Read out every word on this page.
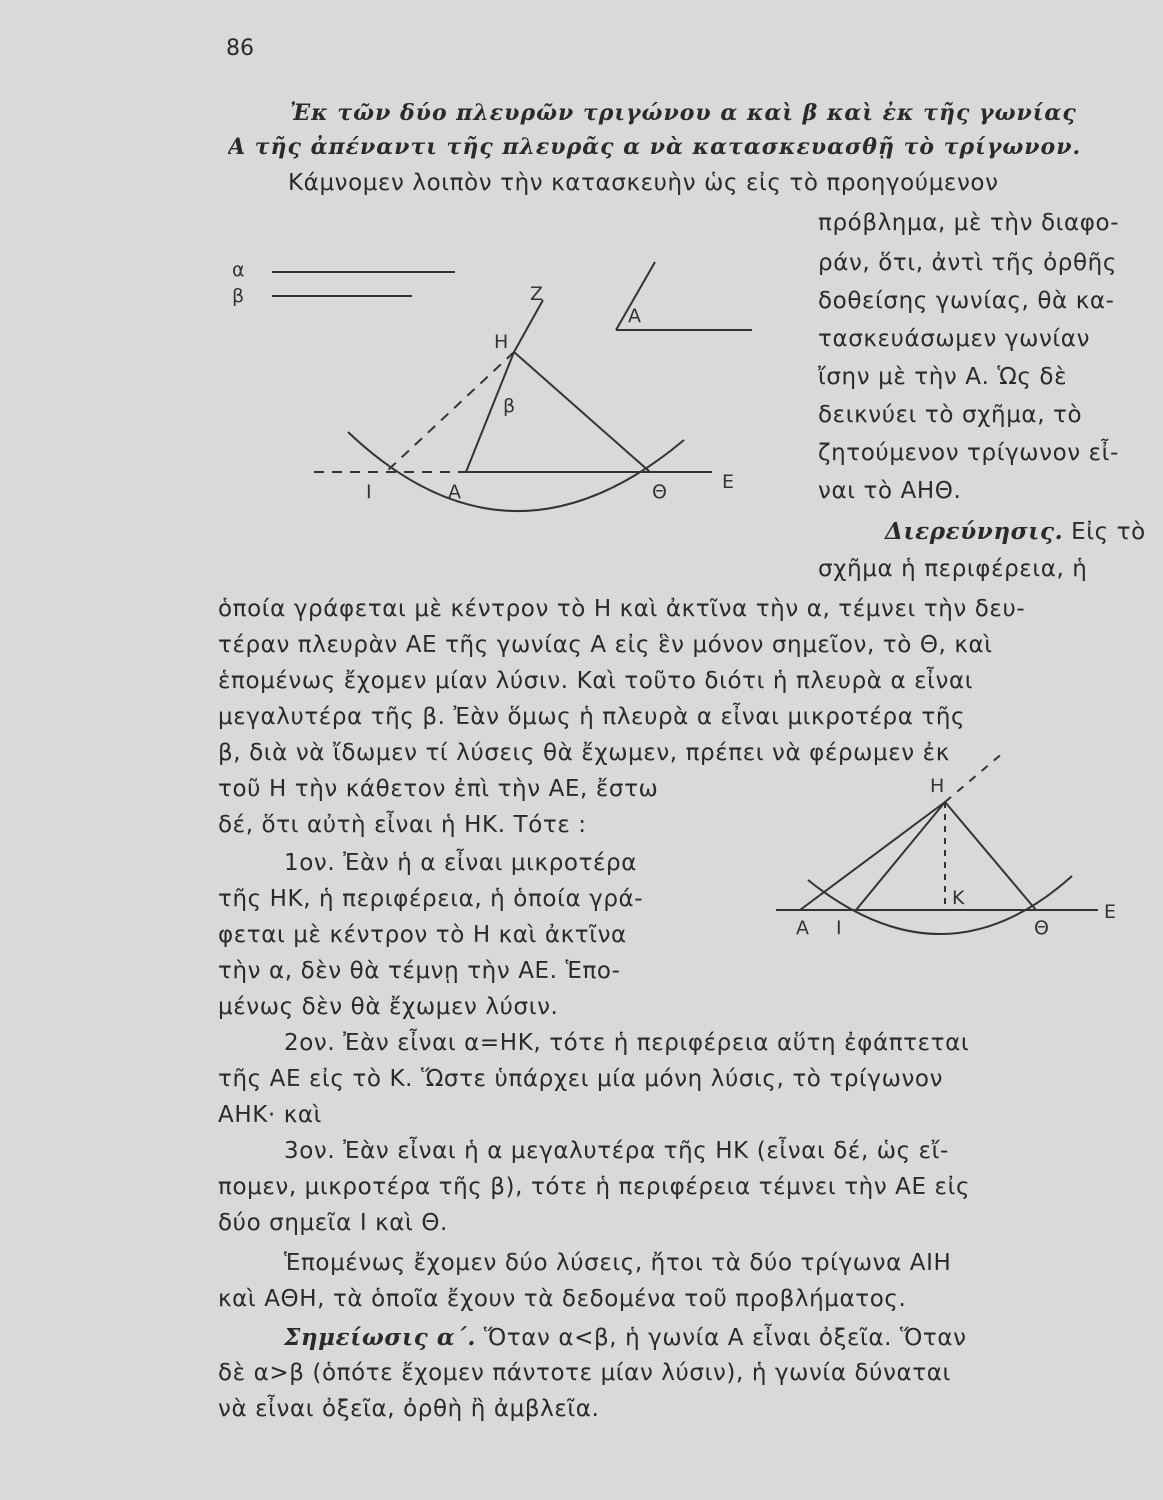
86
Ἐκ τῶν δύο πλευρῶν τριγώνου α καὶ β καὶ ἐκ τῆς γωνίας
Α τῆς ἀπέναντι τῆς πλευρᾶς α νὰ κατασκευασθῇ τὸ τρίγωνον.
Κάμνομεν λοιπὸν τὴν κατασκευὴν ὡς εἰς τὸ προηγούμενον
πρόβλημα, μὲ τὴν διαφο-
ράν, ὅτι, ἀντὶ τῆς ὀρθῆς
δοθείσης γωνίας, θὰ κα-
τασκευάσωμεν γωνίαν
ἴσην μὲ τὴν Α. Ὡς δὲ
δεικνύει τὸ σχῆμα, τὸ
ζητούμενον τρίγωνον εἶ-
ναι τὸ ΑΗΘ.
Διερεύνησις. Εἰς τὸ
σχῆμα ἡ περιφέρεια, ἡ
ὁποία γράφεται μὲ κέντρον τὸ Η καὶ ἀκτῖνα τὴν α, τέμνει τὴν δευ-
τέραν πλευρὰν ΑΕ τῆς γωνίας Α εἰς ἓν μόνον σημεῖον, τὸ Θ, καὶ
ἑπομένως ἔχομεν μίαν λύσιν. Καὶ τοῦτο διότι ἡ πλευρὰ α εἶναι
μεγαλυτέρα τῆς β. Ἐὰν ὅμως ἡ πλευρὰ α εἶναι μικροτέρα τῆς
β, διὰ νὰ ἴδωμεν τί λύσεις θὰ ἔχωμεν, πρέπει νὰ φέρωμεν ἐκ
τοῦ Η τὴν κάθετον ἐπὶ τὴν ΑΕ, ἔστω
δέ, ὅτι αὐτὴ εἶναι ἡ ΗΚ. Τότε :
1ον. Ἐὰν ἡ α εἶναι μικροτέρα
τῆς ΗΚ, ἡ περιφέρεια, ἡ ὁποία γρά-
φεται μὲ κέντρον τὸ Η καὶ ἀκτῖνα
τὴν α, δὲν θὰ τέμνῃ τὴν ΑΕ. Ἑπο-
μένως δὲν θὰ ἔχωμεν λύσιν.
2ον. Ἐὰν εἶναι α=ΗΚ, τότε ἡ περιφέρεια αὕτη ἐφάπτεται
τῆς ΑΕ εἰς τὸ Κ. Ὥστε ὑπάρχει μία μόνη λύσις, τὸ τρίγωνον
ΑΗΚ· καὶ
3ον. Ἐὰν εἶναι ἡ α μεγαλυτέρα τῆς ΗΚ (εἶναι δέ, ὡς εἴ-
πομεν, μικροτέρα τῆς β), τότε ἡ περιφέρεια τέμνει τὴν ΑΕ εἰς
δύο σημεῖα Ι καὶ Θ.
Ἑπομένως ἔχομεν δύο λύσεις, ἤτοι τὰ δύο τρίγωνα ΑΙΗ
καὶ ΑΘΗ, τὰ ὁποῖα ἔχουν τὰ δεδομένα τοῦ προβλήματος.
Σημείωσις α΄. Ὅταν α<β, ἡ γωνία Α εἶναι ὀξεῖα. Ὅταν
δὲ α>β (ὁπότε ἔχομεν πάντοτε μίαν λύσιν), ἡ γωνία δύναται
νὰ εἶναι ὀξεῖα, ὀρθὴ ἢ ἀμβλεῖα.
α
β	Z
Η
β
Ι	Α	Θ	Ε
Α
Η
Κ
Α Ι	Θ
Ε
